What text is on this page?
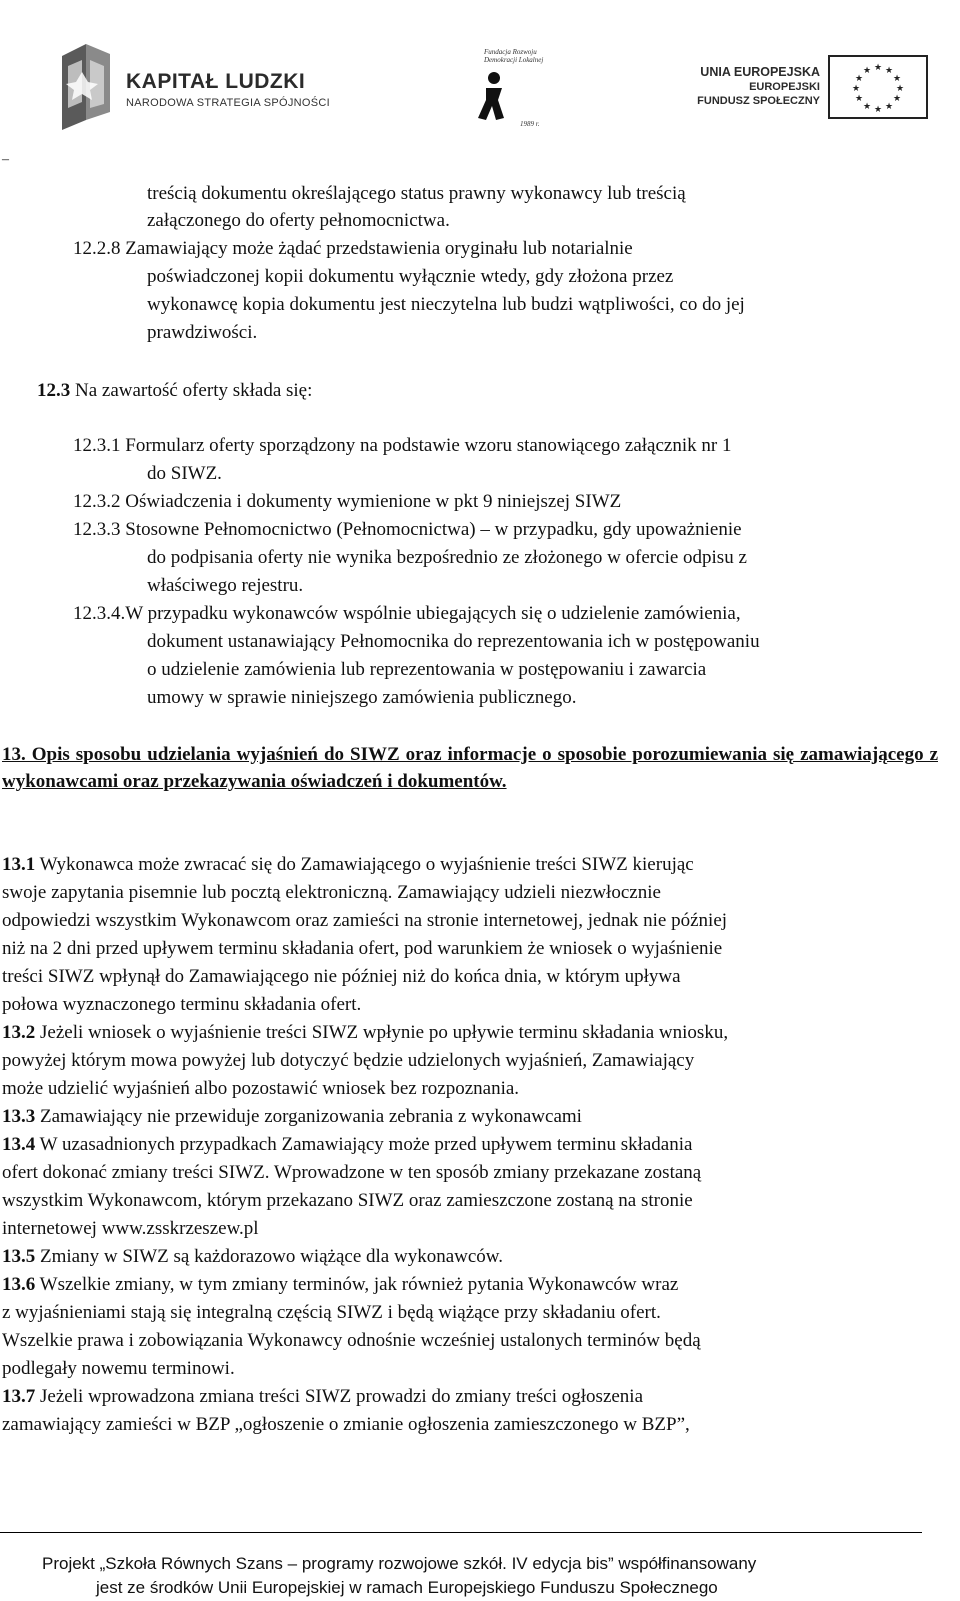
KAPITAŁ LUDZKI
NARODOWA STRATEGIA SPÓJNOŚCI
Fundacja Rozwoju
Demokracji Lokalnej
1989 r.
UNIA EUROPEJSKA
EUROPEJSKI
FUNDUSZ SPOŁECZNY
★ ★
★
★
★
★
★
★
★
★
★
★
–
treścią dokumentu określającego status prawny wykonawcy lub treścią
załączonego do oferty pełnomocnictwa.
12.2.8 Zamawiający może żądać przedstawienia oryginału lub notarialnie
poświadczonej kopii dokumentu wyłącznie wtedy, gdy złożona przez
wykonawcę kopia dokumentu jest nieczytelna lub budzi wątpliwości, co do jej
prawdziwości.
12.3 Na zawartość oferty składa się:
12.3.1 Formularz oferty sporządzony na podstawie wzoru stanowiącego załącznik nr 1
do SIWZ.
12.3.2 Oświadczenia i dokumenty wymienione w pkt 9 niniejszej SIWZ
12.3.3 Stosowne Pełnomocnictwo (Pełnomocnictwa) – w przypadku, gdy upoważnienie
do podpisania oferty nie wynika bezpośrednio ze złożonego w ofercie odpisu z
właściwego rejestru.
12.3.4.W przypadku wykonawców wspólnie ubiegających się o udzielenie zamówienia,
dokument ustanawiający Pełnomocnika do reprezentowania ich w postępowaniu
o udzielenie zamówienia lub reprezentowania w postępowaniu i zawarcia
umowy w sprawie niniejszego zamówienia publicznego.
13. Opis sposobu udzielania wyjaśnień do SIWZ oraz informacje o sposobie porozumiewania się zamawiającego z wykonawcami oraz przekazywania oświadczeń i dokumentów.
13.1 Wykonawca może zwracać się do Zamawiającego o wyjaśnienie treści SIWZ kierując
swoje zapytania pisemnie lub pocztą elektroniczną. Zamawiający udzieli niezwłocznie
odpowiedzi wszystkim Wykonawcom oraz zamieści na stronie internetowej, jednak nie później
niż na 2 dni przed upływem terminu składania ofert, pod warunkiem że wniosek o wyjaśnienie
treści SIWZ wpłynął do Zamawiającego nie później niż do końca dnia, w którym upływa
połowa wyznaczonego terminu składania ofert.
13.2 Jeżeli wniosek o wyjaśnienie treści SIWZ wpłynie po upływie terminu składania wniosku,
powyżej którym mowa powyżej lub dotyczyć będzie udzielonych wyjaśnień, Zamawiający
może udzielić wyjaśnień albo pozostawić wniosek bez rozpoznania.
13.3 Zamawiający nie przewiduje zorganizowania zebrania z wykonawcami
13.4 W uzasadnionych przypadkach Zamawiający może przed upływem terminu składania
ofert dokonać zmiany treści SIWZ. Wprowadzone w ten sposób zmiany przekazane zostaną
wszystkim Wykonawcom, którym przekazano SIWZ oraz zamieszczone zostaną na stronie
internetowej www.zsskrzeszew.pl
13.5 Zmiany w SIWZ są każdorazowo wiążące dla wykonawców.
13.6 Wszelkie zmiany, w tym zmiany terminów, jak również pytania Wykonawców wraz
z wyjaśnieniami stają się integralną częścią SIWZ i będą wiążące przy składaniu ofert.
Wszelkie prawa i zobowiązania Wykonawcy odnośnie wcześniej ustalonych terminów będą
podlegały nowemu terminowi.
13.7 Jeżeli wprowadzona zmiana treści SIWZ prowadzi do zmiany treści ogłoszenia
zamawiający zamieści w BZP „ogłoszenie o zmianie ogłoszenia zamieszczonego w BZP”,
Projekt „Szkoła Równych Szans – programy rozwojowe szkół. IV edycja bis” współfinansowany
jest ze środków Unii Europejskiej w ramach Europejskiego Funduszu Społecznego
